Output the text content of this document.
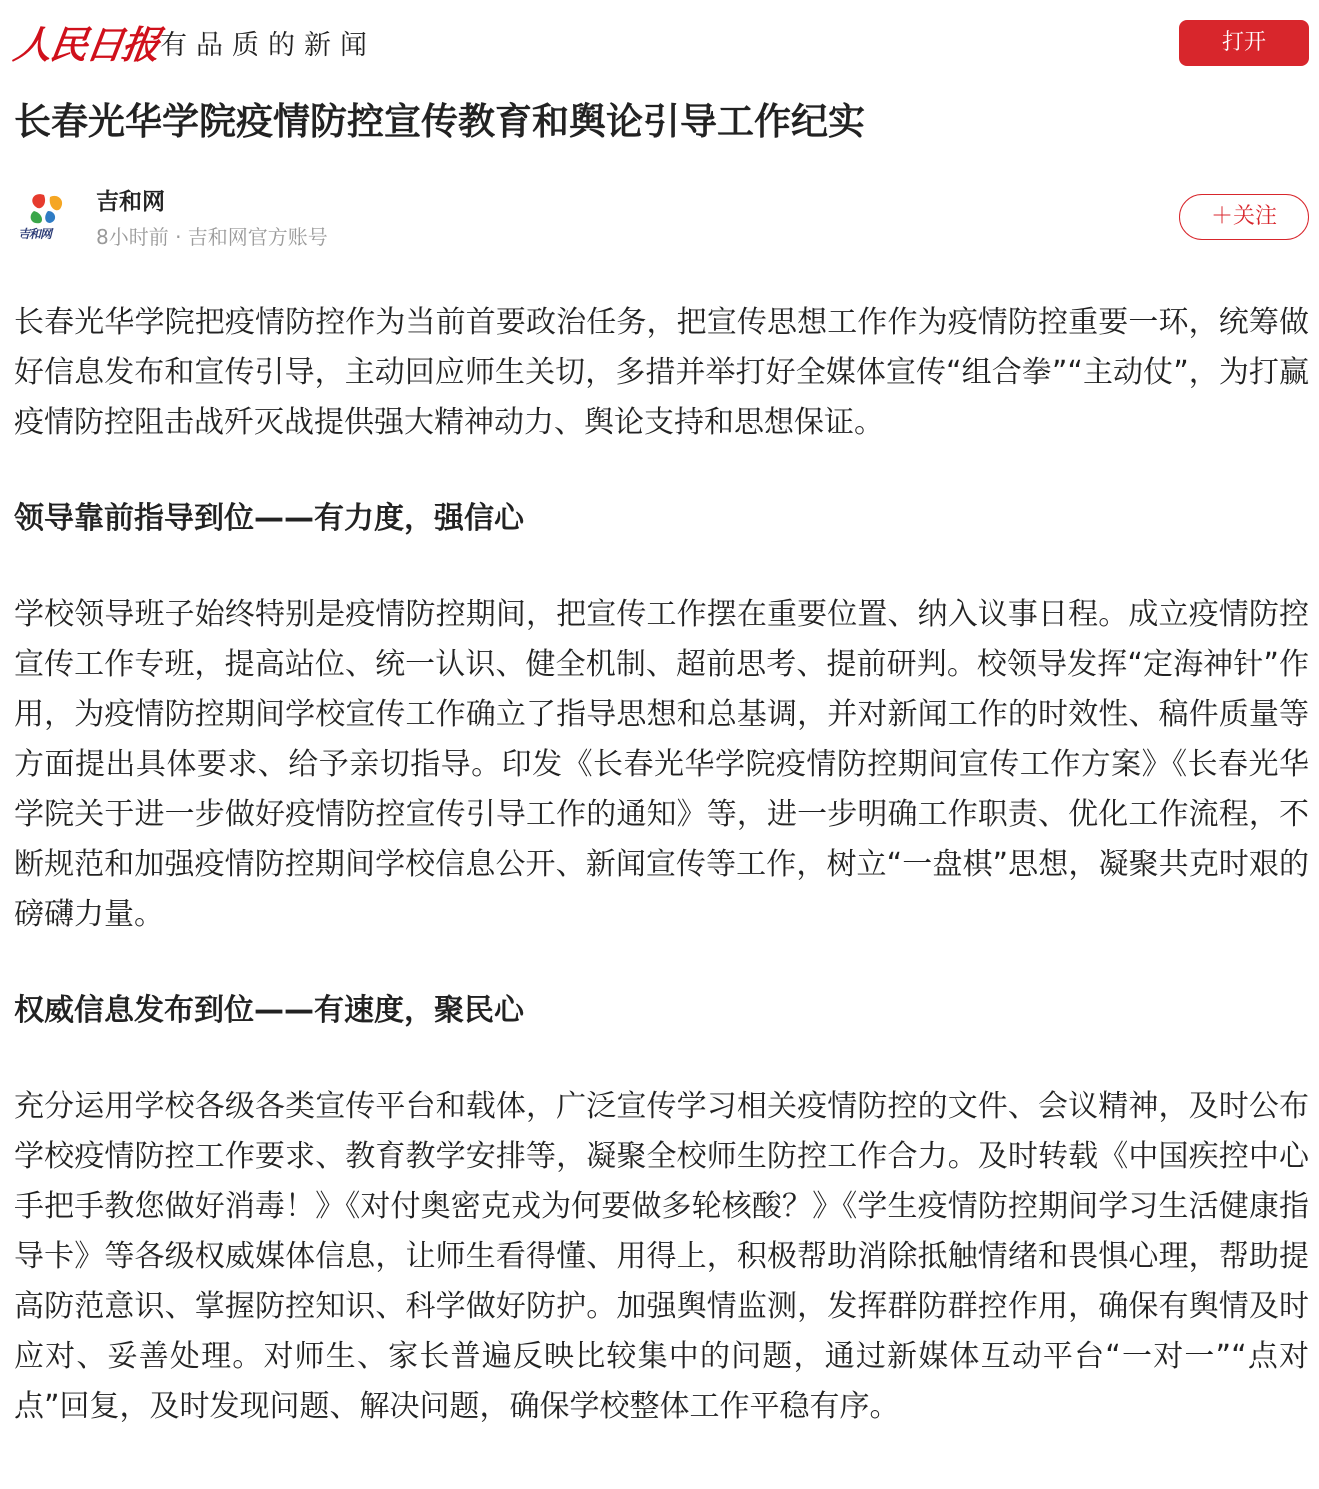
人民日报
有品质的新闻	打开
长春光华学院疫情防控宣传教育和舆论引导工作纪实
吉和网
吉和网
8小时前 · 吉和网官方账号
＋关注

长春光华学院把疫情防控作为当前首要政治任务，把宣传思想工作作为疫情防控重要一环，统筹做好信息发布和宣传引导，主动回应师生关切，多措并举打好全媒体宣传“组合拳”“主动仗”，为打赢疫情防控阻击战歼灭战提供强大精神动力、舆论支持和思想保证。

领导靠前指导到位——有力度，强信心

学校领导班子始终特别是疫情防控期间，把宣传工作摆在重要位置、纳入议事日程。成立疫情防控宣传工作专班，提高站位、统一认识、健全机制、超前思考、提前研判。校领导发挥“定海神针”作用，为疫情防控期间学校宣传工作确立了指导思想和总基调，并对新闻工作的时效性、稿件质量等方面提出具体要求、给予亲切指导。印发《长春光华学院疫情防控期间宣传工作方案》《长春光华学院关于进一步做好疫情防控宣传引导工作的通知》等，进一步明确工作职责、优化工作流程，不断规范和加强疫情防控期间学校信息公开、新闻宣传等工作，树立“一盘棋”思想，凝聚共克时艰的磅礴力量。

权威信息发布到位——有速度，聚民心

充分运用学校各级各类宣传平台和载体，广泛宣传学习相关疫情防控的文件、会议精神，及时公布学校疫情防控工作要求、教育教学安排等，凝聚全校师生防控工作合力。及时转载《中国疾控中心手把手教您做好消毒！》《对付奥密克戎为何要做多轮核酸？》《学生疫情防控期间学习生活健康指导卡》等各级权威媒体信息，让师生看得懂、用得上，积极帮助消除抵触情绪和畏惧心理，帮助提高防范意识、掌握防控知识、科学做好防护。加强舆情监测，发挥群防群控作用，确保有舆情及时应对、妥善处理。对师生、家长普遍反映比较集中的问题，通过新媒体互动平台“一对一”“点对点”回复，及时发现问题、解决问题，确保学校整体工作平稳有序。
